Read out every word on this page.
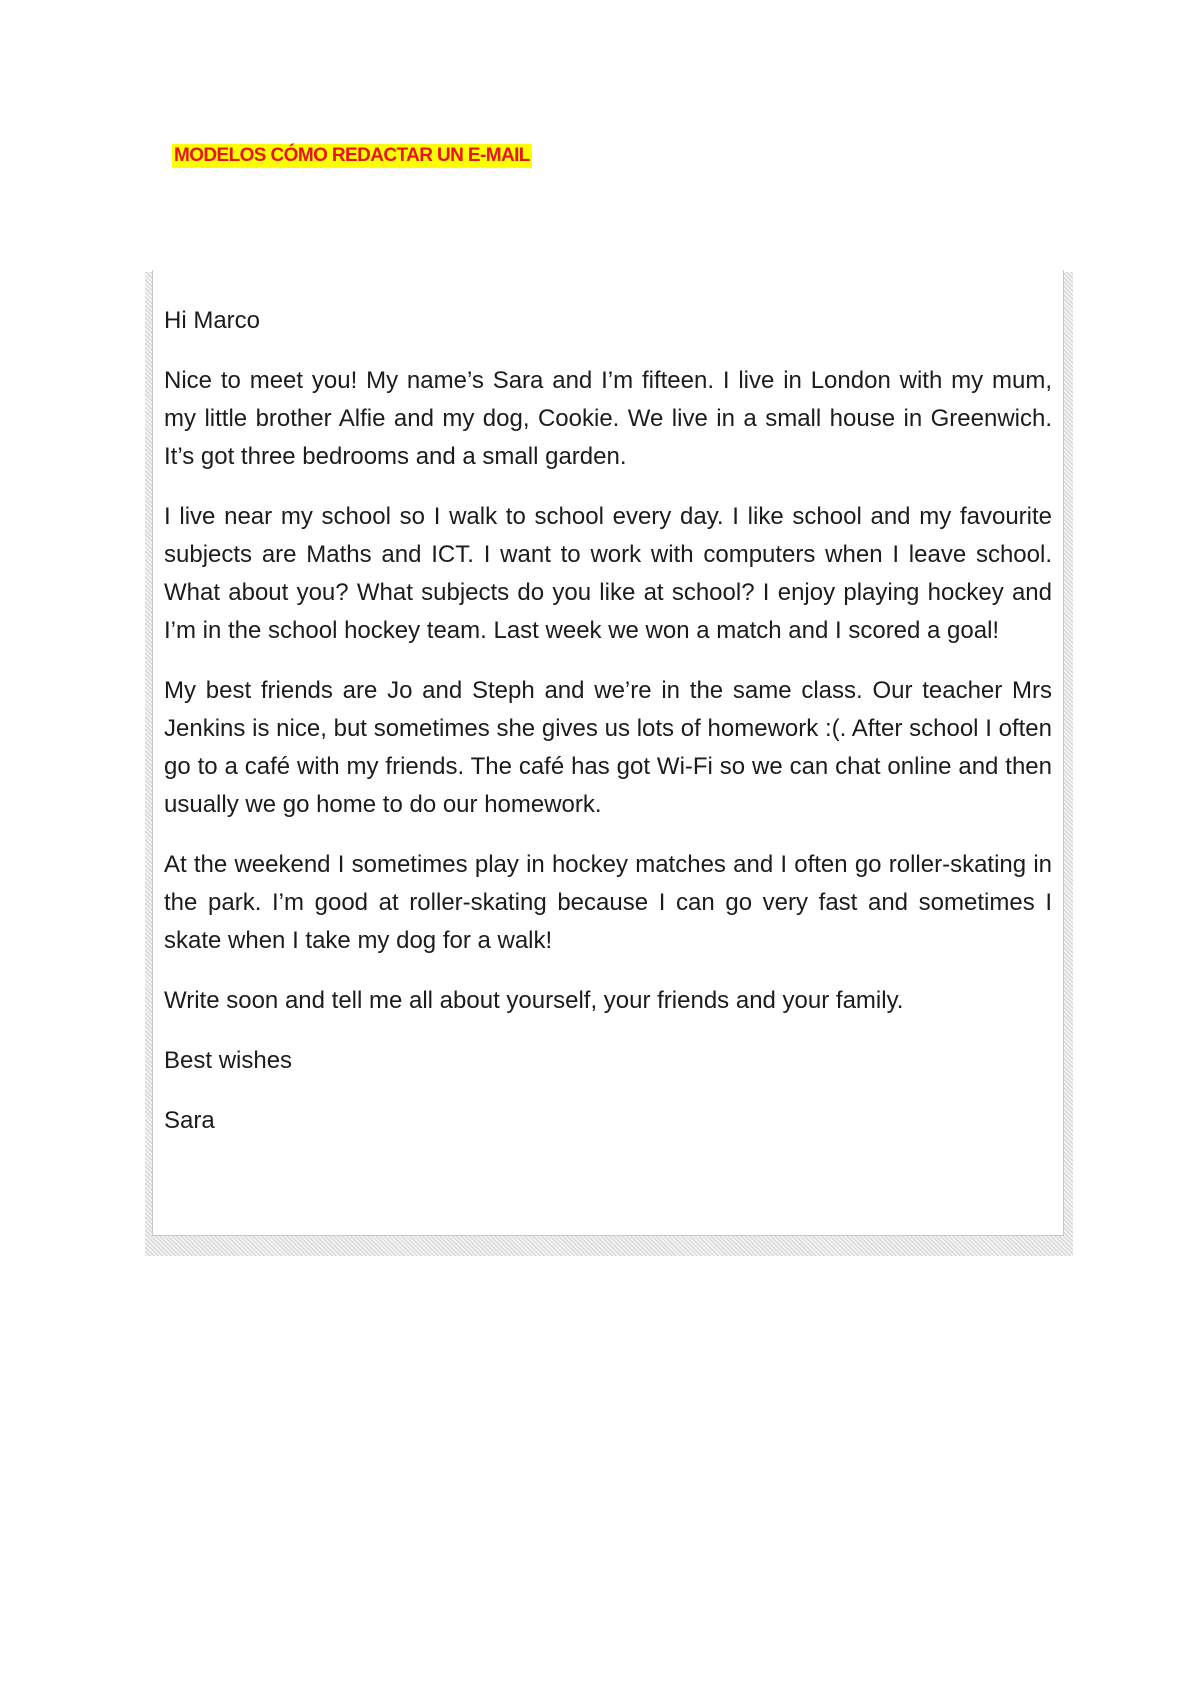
MODELOS CÓMO REDACTAR UN E-MAIL

Hi Marco

Nice to meet you! My name’s Sara and I’m fifteen. I live in London with my mum, my little brother Alfie and my dog, Cookie. We live in a small house in Greenwich. It’s got three bedrooms and a small garden.

I live near my school so I walk to school every day. I like school and my favourite subjects are Maths and ICT. I want to work with computers when I leave school. What about you? What subjects do you like at school? I enjoy playing hockey and I’m in the school hockey team. Last week we won a match and I scored a goal!

My best friends are Jo and Steph and we’re in the same class. Our teacher Mrs Jenkins is nice, but sometimes she gives us lots of homework :(. After school I often go to a café with my friends. The café has got Wi-Fi so we can chat online and then usually we go home to do our homework.

At the weekend I sometimes play in hockey matches and I often go roller-skating in the park. I’m good at roller-skating because I can go very fast and sometimes I skate when I take my dog for a walk!

Write soon and tell me all about yourself, your friends and your family.

Best wishes

Sara
